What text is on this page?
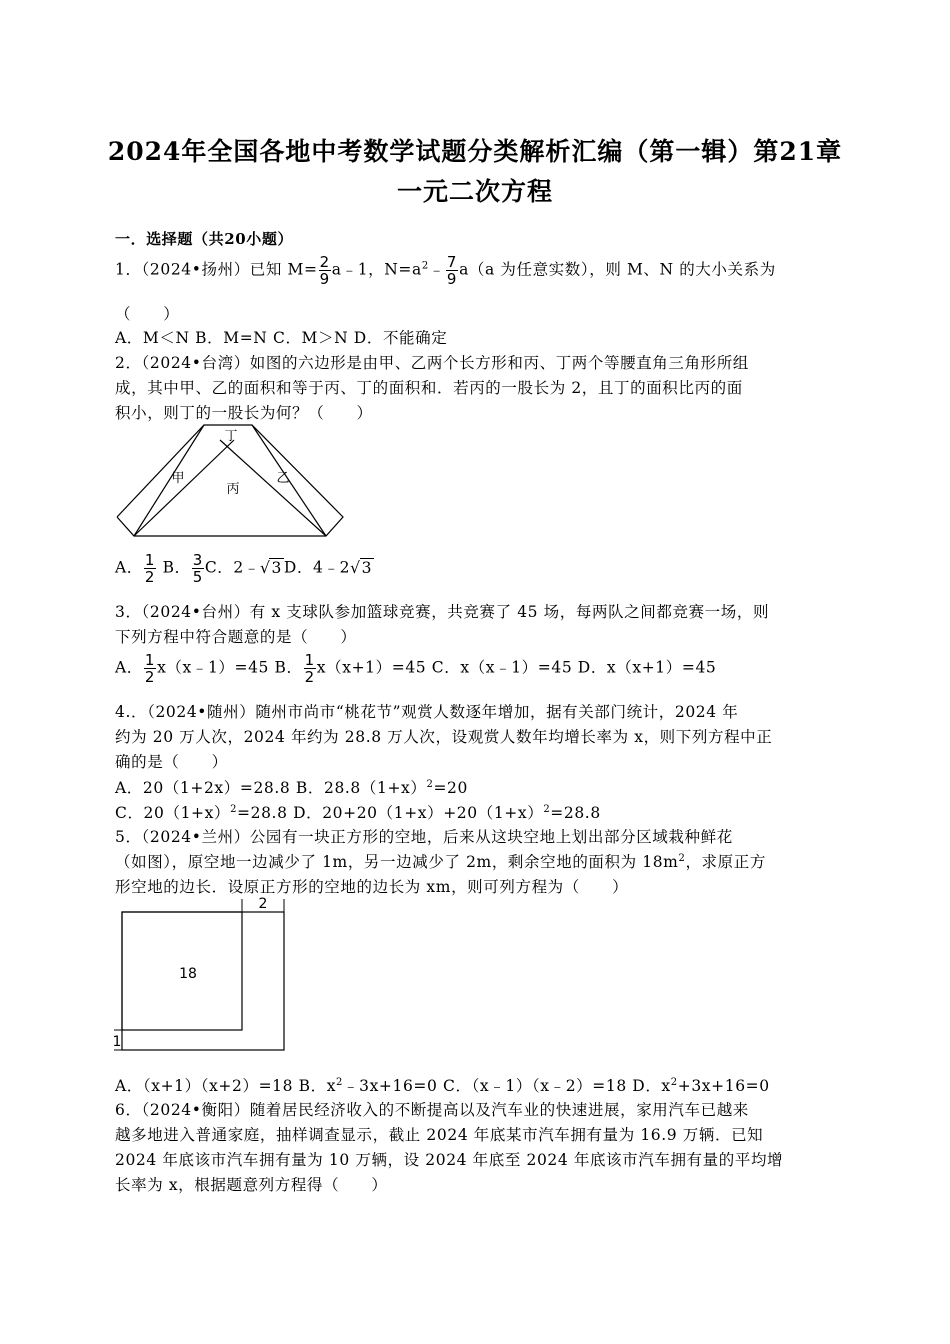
2024年全国各地中考数学试题分类解析汇编（第一辑）第21章
一元二次方程
一．选择题（共20小题）
1．（2024•扬州）已知 $M= \frac{2}{9}$ a﹣1，$N=a^2﹣ \frac{7}{9} a(a$ 为任意实数），则 M、N 的大小关系为
（　　）
A．M＜N B．M=N C．M＞N D．不能确定
2．（2024•台湾）如图的六边形是由甲、乙两个长方形和丙、丁两个等腰直角三角形所组
成，其中甲、乙的面积和等于丙、丁的面积和．若丙的一股长为 2，且丁的面积比丙的面
积小，则丁的一股长为何？（　　）
丁
甲	乙
丙
A． $\frac{1}{2}$ B． $\frac{3}{5}$ C．2﹣√3 D．4﹣2√3
3．（2024•台州）有 x 支球队参加篮球竞赛，共竞赛了 45 场，每两队之间都竞赛一场，则
下列方程中符合题意的是（　　）
A． $\frac{1}{2}$ x（x﹣1）=45 B． $\frac{1}{2} x(x+1)=45$ C．x（x﹣1）=45 D．x（x+1）=45
4.．（2024•随州）随州市尚市“桃花节”观赏人数逐年增加，据有关部门统计，2024 年
约为 20 万人次，2024 年约为 28.8 万人次，设观赏人数年均增长率为 x，则下列方程中正
确的是（　　）
A．20（1+2x）=28.8 B．$28.8(1+x)^2=20$
C．$20(1+x)^2=28.8$ D．$20+20(1+x)+20(1+x)^2=28.8$
5．（2024•兰州）公园有一块正方形的空地，后来从这块空地上划出部分区域栽种鲜花
（如图），原空地一边减少了 1m，另一边减少了 2m，剩余空地的面积为 $18m^2$，求原正方
形空地的边长．设原正方形的空地的边长为 xm，则可列方程为（　　）
18
2
1
A．（x+1）（x+2）=18 B．$x^2﹣3x+16=0$ C．（x﹣1）（x﹣2）=18 D．$x^2+3x+16=0$
6．（2024•衡阳）随着居民经济收入的不断提高以及汽车业的快速进展，家用汽车已越来
越多地进入普通家庭，抽样调查显示，截止 2024 年底某市汽车拥有量为 16.9 万辆．已知
2024 年底该市汽车拥有量为 10 万辆，设 2024 年底至 2024 年底该市汽车拥有量的平均增
长率为 x，根据题意列方程得（　　）
